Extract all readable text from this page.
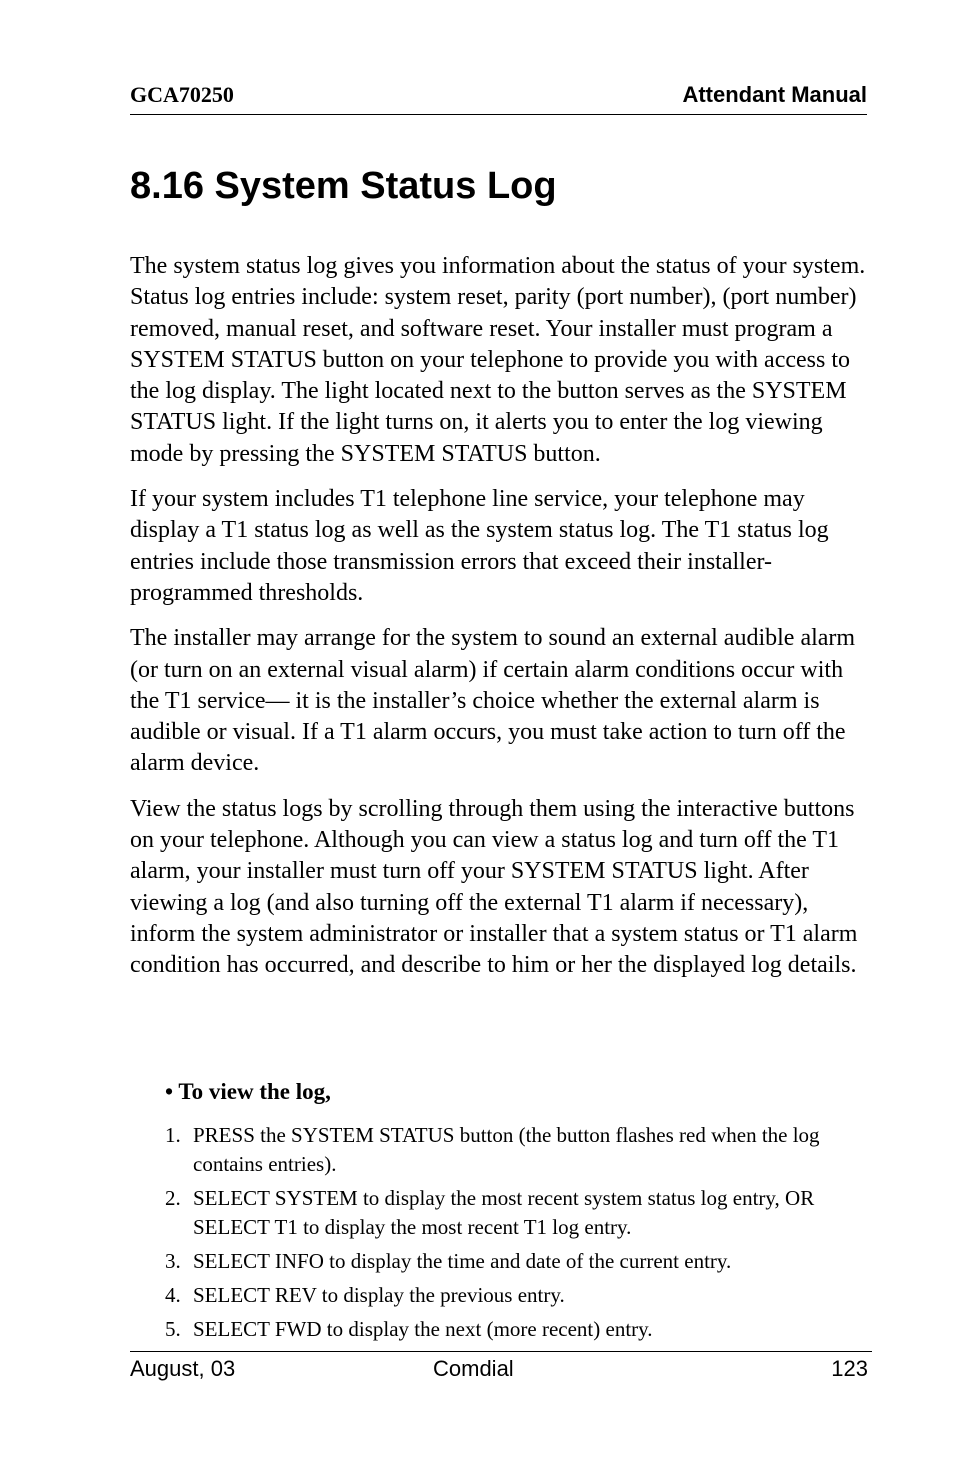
GCA70250	Attendant Manual
8.16 System Status Log

The system status log gives you information about the status of your system. Status log entries include: system reset, parity (port number), (port number) removed, manual reset, and software reset. Your installer must program a SYSTEM STATUS button on your telephone to provide you with access to the log display. The light located next to the button serves as the SYSTEM STATUS light. If the light turns on, it alerts you to enter the log viewing mode by pressing the SYSTEM STATUS button.

If your system includes T1 telephone line service, your telephone may display a T1 status log as well as the system status log. The T1 status log entries include those transmission errors that exceed their installer-programmed thresholds.

The installer may arrange for the system to sound an external audible alarm (or turn on an external visual alarm) if certain alarm conditions occur with the T1 service— it is the installer’s choice whether the external alarm is audible or visual. If a T1 alarm occurs, you must take action to turn off the alarm device.

View the status logs by scrolling through them using the interactive buttons on your telephone. Although you can view a status log and turn off the T1 alarm, your installer must turn off your SYSTEM STATUS light. After viewing a log (and also turning off the external T1 alarm if necessary), inform the system administrator or installer that a system status or T1 alarm condition has occurred, and describe to him or her the displayed log details.

• To view the log,
1. PRESS the SYSTEM STATUS button (the button flashes red when the log contains entries).
2. SELECT SYSTEM to display the most recent system status log entry, OR SELECT T1 to display the most recent T1 log entry.
3. SELECT INFO to display the time and date of the current entry.
4. SELECT REV to display the previous entry.
5. SELECT FWD to display the next (more recent) entry.
August, 03	Comdial	123
